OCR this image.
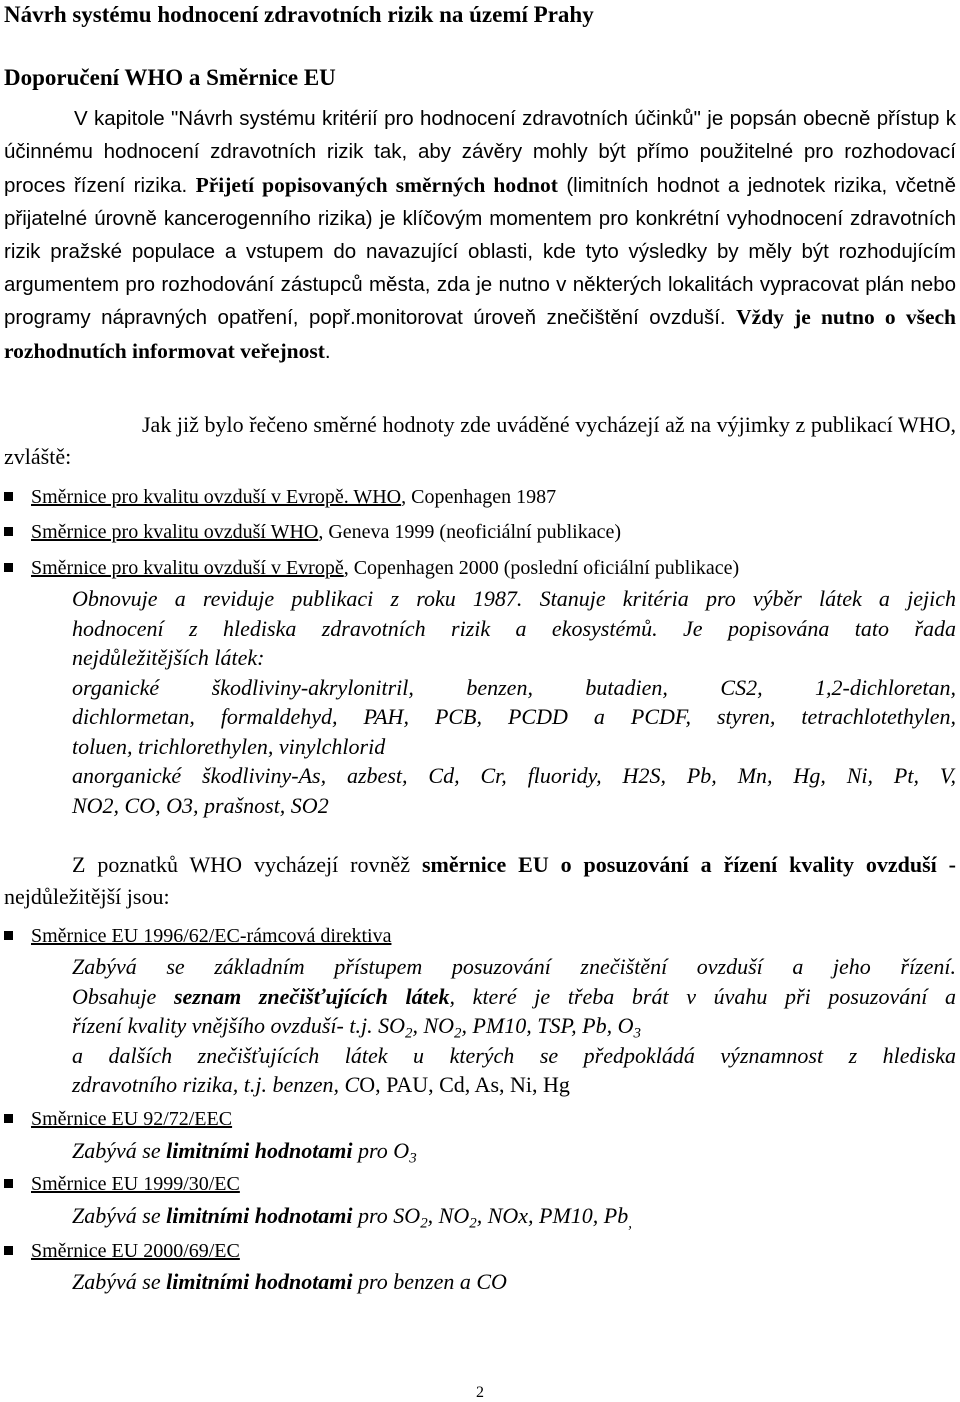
Návrh systému hodnocení zdravotních rizik na území Prahy
Doporučení WHO a Směrnice EU
V kapitole "Návrh systému kritérií pro hodnocení zdravotních účinků" je popsán obecně přístup k účinnému hodnocení zdravotních rizik tak, aby závěry mohly být přímo použitelné pro rozhodovací proces řízení rizika. Přijetí popisovaných směrných hodnot (limitních hodnot a jednotek rizika, včetně přijatelné úrovně kancerogenního rizika) je klíčovým momentem pro konkrétní vyhodnocení zdravotních rizik pražské populace a vstupem do navazující oblasti, kde tyto výsledky by měly být rozhodujícím argumentem pro rozhodování zástupců města, zda je nutno v některých lokalitách vypracovat plán nebo programy nápravných opatření, popř.monitorovat úroveň znečištění ovzduší. Vždy je nutno o všech rozhodnutích informovat veřejnost.
Jak již bylo řečeno směrné hodnoty zde uváděné vycházejí až na výjimky z publikací WHO, zvláště:
Směrnice pro kvalitu ovzduší v Evropě. WHO, Copenhagen 1987
Směrnice pro kvalitu ovzduší WHO, Geneva 1999 (neoficiální publikace)
Směrnice pro kvalitu ovzduší v Evropě, Copenhagen 2000 (poslední oficiální publikace)
Obnovuje a reviduje publikaci z roku 1987. Stanuje kritéria pro výběr látek a jejich
hodnocení z hlediska zdravotních rizik a ekosystémů. Je popisována tato řada
nejdůležitějších látek:
organické škodliviny-akrylonitril, benzen, butadien, CS2, 1,2-dichloretan,
dichlormetan, formaldehyd, PAH, PCB, PCDD a PCDF, styren, tetrachlotethylen,
toluen, trichlorethylen, vinylchlorid
anorganické škodliviny-As, azbest, Cd, Cr, fluoridy, H2S, Pb, Mn, Hg, Ni, Pt, V,
NO2, CO, O3, prašnost, SO2
Z poznatků WHO vycházejí rovněž směrnice EU o posuzování a řízení kvality ovzduší - nejdůležitější jsou:
Směrnice EU 1996/62/EC-rámcová direktiva
Zabývá se základním přístupem posuzování znečištění ovzduší a jeho řízení.
Obsahuje seznam znečišťujících látek, které je třeba brát v úvahu při posuzování a
řízení kvality vnějšího ovzduší- t.j. $SO_2$, $NO_2$, PM10, TSP, Pb, $O_3$
a dalších znečišťujících látek u kterých se předpokládá významnost z hlediska
zdravotního rizika, t.j. benzen, CO, PAU, Cd, As, Ni, Hg
Směrnice EU 92/72/EEC
Zabývá se limitními hodnotami pro $O_3$
Směrnice EU 1999/30/EC
Zabývá se limitními hodnotami pro $SO_2$, $NO_2$, NOx, PM10, $Pb_,$
Směrnice EU 2000/69/EC
Zabývá se limitními hodnotami pro benzen a CO
2
